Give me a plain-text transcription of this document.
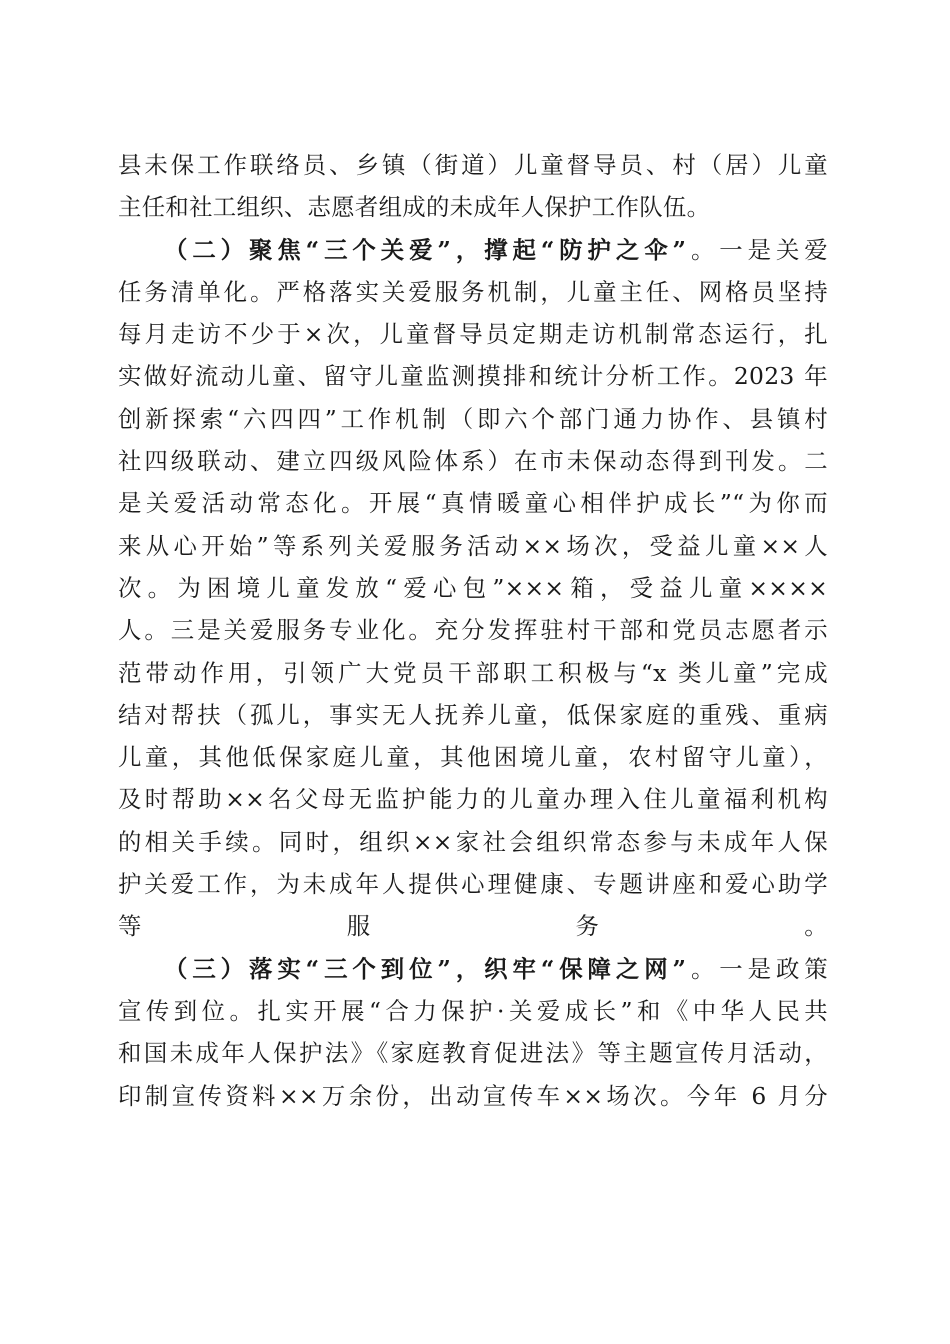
县未保工作联络员、乡镇（街道）儿童督导员、村（居）儿童
主任和社工组织、志愿者组成的未成年人保护工作队伍。
（二）聚焦“三个关爱”，撑起“防护之伞”。一是关爱
任务清单化。严格落实关爱服务机制，儿童主任、网格员坚持
每月走访不少于×次，儿童督导员定期走访机制常态运行，扎
实做好流动儿童、留守儿童监测摸排和统计分析工作。2023 年
创新探索“六四四”工作机制（即六个部门通力协作、县镇村
社四级联动、建立四级风险体系）在市未保动态得到刊发。二
是关爱活动常态化。开展“真情暖童心相伴护成长”“为你而
来从心开始”等系列关爱服务活动××场次，受益儿童××人
次。为困境儿童发放“爱心包”×××箱，受益儿童××××
人。三是关爱服务专业化。充分发挥驻村干部和党员志愿者示
范带动作用，引领广大党员干部职工积极与“x 类儿童”完成
结对帮扶（孤儿，事实无人抚养儿童，低保家庭的重残、重病
儿童，其他低保家庭儿童，其他困境儿童，农村留守儿童），
及时帮助××名父母无监护能力的儿童办理入住儿童福利机构
的相关手续。同时，组织××家社会组织常态参与未成年人保
护关爱工作，为未成年人提供心理健康、专题讲座和爱心助学
等服务。
（三）落实“三个到位”，织牢“保障之网”。一是政策
宣传到位。扎实开展“合力保护·关爱成长”和《中华人民共
和国未成年人保护法》《家庭教育促进法》等主题宣传月活动，
印制宣传资料××万余份，出动宣传车××场次。今年 6 月分
